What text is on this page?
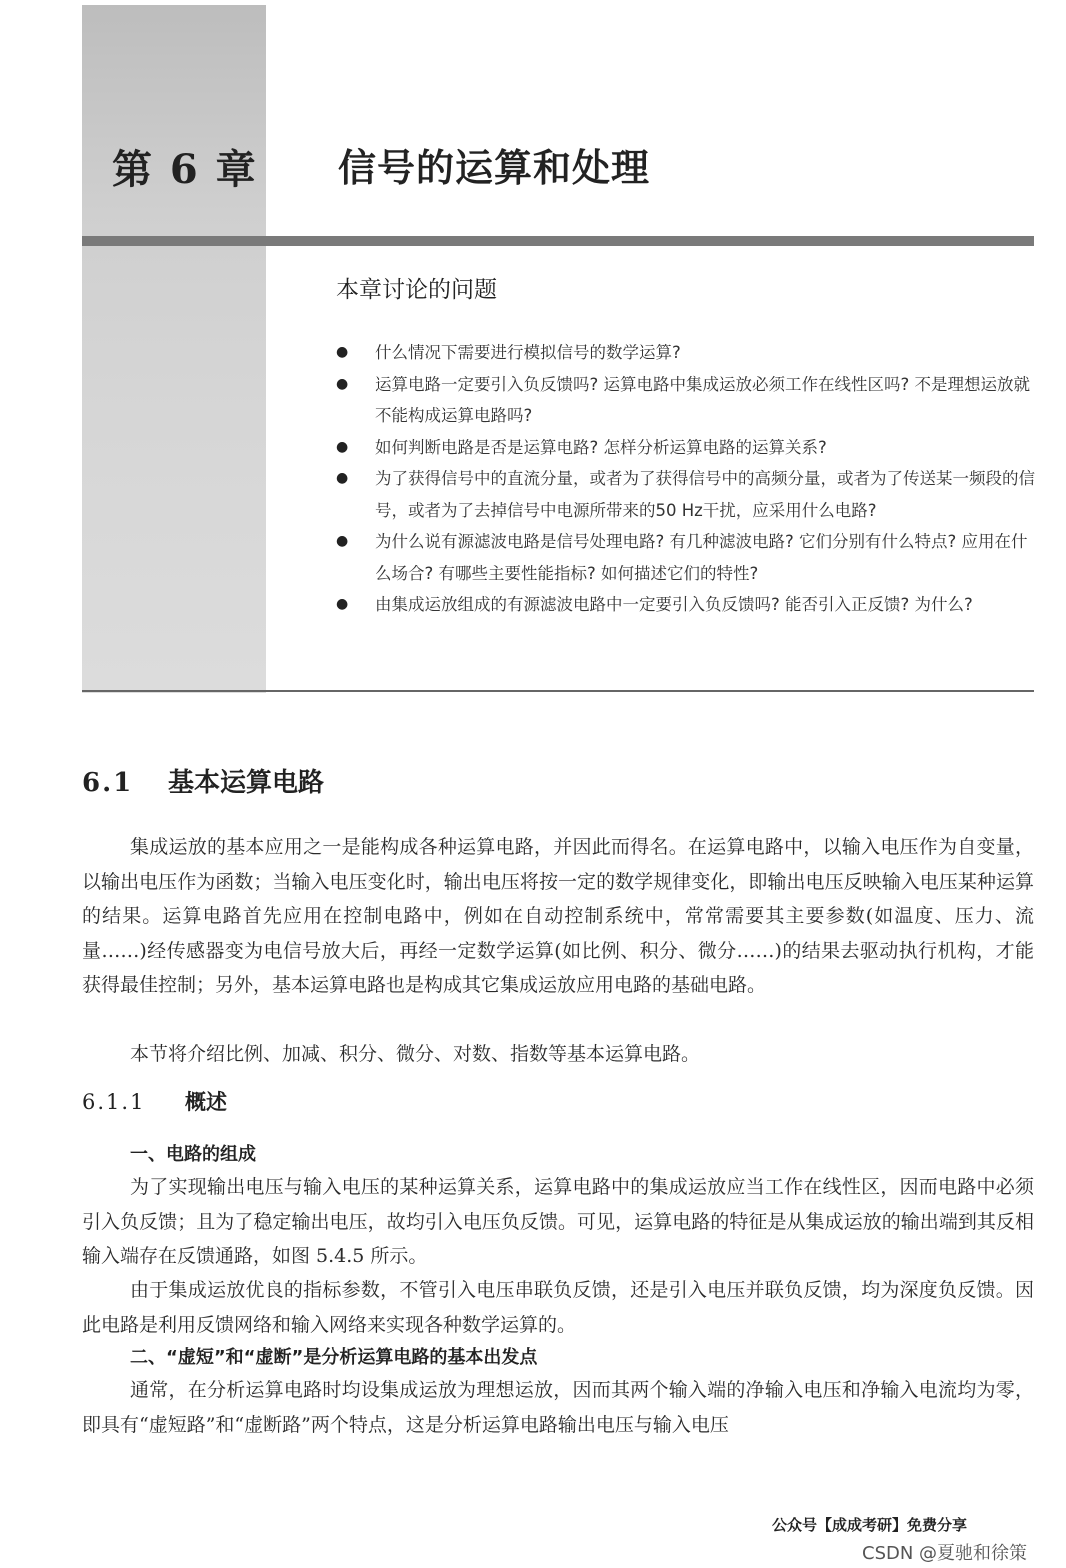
第 6 章 信号的运算和处理
本章讨论的问题
● 什么情况下需要进行模拟信号的数学运算?
● 运算电路一定要引入负反馈吗? 运算电路中集成运放必须工作在线性区吗? 不是理想运放就不能构成运算电路吗?
● 如何判断电路是否是运算电路? 怎样分析运算电路的运算关系?
● 为了获得信号中的直流分量，或者为了获得信号中的高频分量，或者为了传送某一频段的信号，或者为了去掉信号中电源所带来的50 Hz干扰，应采用什么电路?
● 为什么说有源滤波电路是信号处理电路? 有几种滤波电路? 它们分别有什么特点? 应用在什么场合? 有哪些主要性能指标? 如何描述它们的特性?
● 由集成运放组成的有源滤波电路中一定要引入负反馈吗? 能否引入正反馈? 为什么?
6.1 基本运算电路

集成运放的基本应用之一是能构成各种运算电路，并因此而得名。在运算电路中，以输入电压作为自变量，以输出电压作为函数；当输入电压变化时，输出电压将按一定的数学规律变化，即输出电压反映输入电压某种运算的结果。运算电路首先应用在控制电路中，例如在自动控制系统中，常常需要其主要参数(如温度、压力、流量……)经传感器变为电信号放大后，再经一定数学运算(如比例、积分、微分……)的结果去驱动执行机构，才能获得最佳控制；另外，基本运算电路也是构成其它集成运放应用电路的基础电路。

本节将介绍比例、加减、积分、微分、对数、指数等基本运算电路。

6.1.1 概述
一、电路的组成

为了实现输出电压与输入电压的某种运算关系，运算电路中的集成运放应当工作在线性区，因而电路中必须引入负反馈；且为了稳定输出电压，故均引入电压负反馈。可见，运算电路的特征是从集成运放的输出端到其反相输入端存在反馈通路，如图 5.4.5 所示。

由于集成运放优良的指标参数，不管引入电压串联负反馈，还是引入电压并联负反馈，均为深度负反馈。因此电路是利用反馈网络和输入网络来实现各种数学运算的。

二、“虚短”和“虚断”是分析运算电路的基本出发点

通常，在分析运算电路时均设集成运放为理想运放，因而其两个输入端的净输入电压和净输入电流均为零，即具有“虚短路”和“虚断路”两个特点，这是分析运算电路输出电压与输入电压

公众号【成成考研】免费分享
CSDN @夏驰和徐策
